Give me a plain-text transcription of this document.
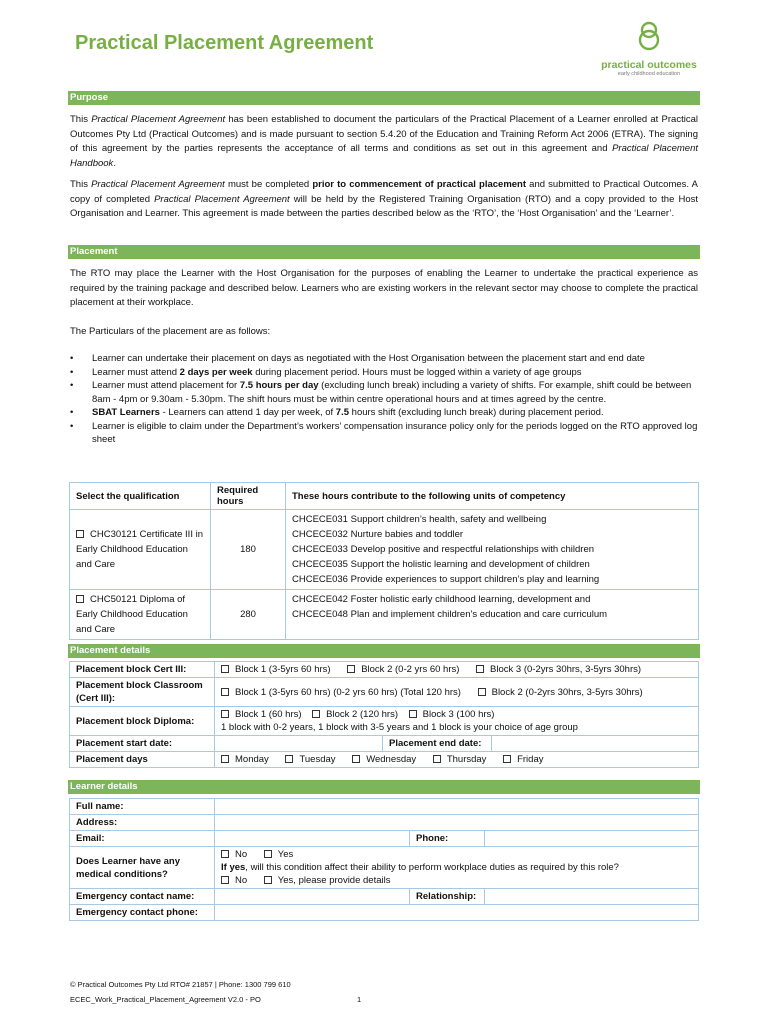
Practical Placement Agreement
practical outcomes
early childhood education
Purpose

This Practical Placement Agreement has been established to document the particulars of the Practical Placement of a Learner enrolled at Practical Outcomes Pty Ltd (Practical Outcomes) and is made pursuant to section 5.4.20 of the Education and Training Reform Act 2006 (ETRA). The signing of this agreement by the parties represents the acceptance of all terms and conditions as set out in this agreement and Practical Placement Handbook.

This Practical Placement Agreement must be completed prior to commencement of practical placement and submitted to Practical Outcomes. A copy of completed Practical Placement Agreement will be held by the Registered Training Organisation (RTO) and a copy provided to the Host Organisation and Learner. This agreement is made between the parties described below as the ‘RTO’, the ‘Host Organisation’ and the ‘Learner’.

Placement

The RTO may place the Learner with the Host Organisation for the purposes of enabling the Learner to undertake the practical experience as required by the training package and described below. Learners who are existing workers in the relevant sector may choose to complete the practical placement at their workplace.

The Particulars of the placement are as follows:

• Learner can undertake their placement on days as negotiated with the Host Organisation between the placement start and end date
• Learner must attend 2 days per week during placement period. Hours must be logged within a variety of age groups
• Learner must attend placement for 7.5 hours per day (excluding lunch break) including a variety of shifts. For example, shift could be between 8am - 4pm or 9.30am - 5.30pm. The shift hours must be within centre operational hours and at times agreed by the centre.
• SBAT Learners - Learners can attend 1 day per week, of 7.5 hours shift (excluding lunch break) during placement period.
• Learner is eligible to claim under the Department’s workers’ compensation insurance policy only for the periods logged on the RTO approved log sheet
Select the qualification	Required hours	These hours contribute to the following units of competency
CHC30121 Certificate III in Early Childhood Education and Care	180	CHCECE031 Support children’s health, safety and wellbeing
CHCECE032 Nurture babies and toddler
CHCECE033 Develop positive and respectful relationships with children
CHCECE035 Support the holistic learning and development of children
CHCECE036 Provide experiences to support children’s play and learning

CHC50121 Diploma of Early Childhood Education and Care	280	CHCECE042 Foster holistic early childhood learning, development and
CHCECE048 Plan and implement children’s education and care curriculum
Placement details
Placement block Cert III:	Block 1 (3-5yrs 60 hrs) Block 2 (0-2 yrs 60 hrs) Block 3 (0-2yrs 30hrs, 3-5yrs 30hrs)		
Placement block Classroom (Cert III):	Block 1 (3-5yrs 60 hrs) (0-2 yrs 60 hrs) (Total 120 hrs) Block 2 (0-2yrs 30hrs, 3-5yrs 30hrs)		
Placement block Diploma:	Block 1 (60 hrs) Block 2 (120 hrs) Block 3 (100 hrs)
1 block with 0-2 years, 1 block with 3-5 years and 1 block is your choice of age group		

Placement start date:		Placement end date:	
Placement days	Monday Tuesday Wednesday Thursday Friday		
Learner details
Full name:			
Address:			
Email:		Phone:	
Does Learner have any medical conditions?	No Yes
If yes, will this condition affect their ability to perform workplace duties as required by this role?
No Yes, please provide details		

Emergency contact name:		Relationship:	
Emergency contact phone:			
© Practical Outcomes Pty Ltd RTO# 21857 | Phone: 1300 799 610
ECEC_Work_Practical_Placement_Agreement V2.0 - PO	1
